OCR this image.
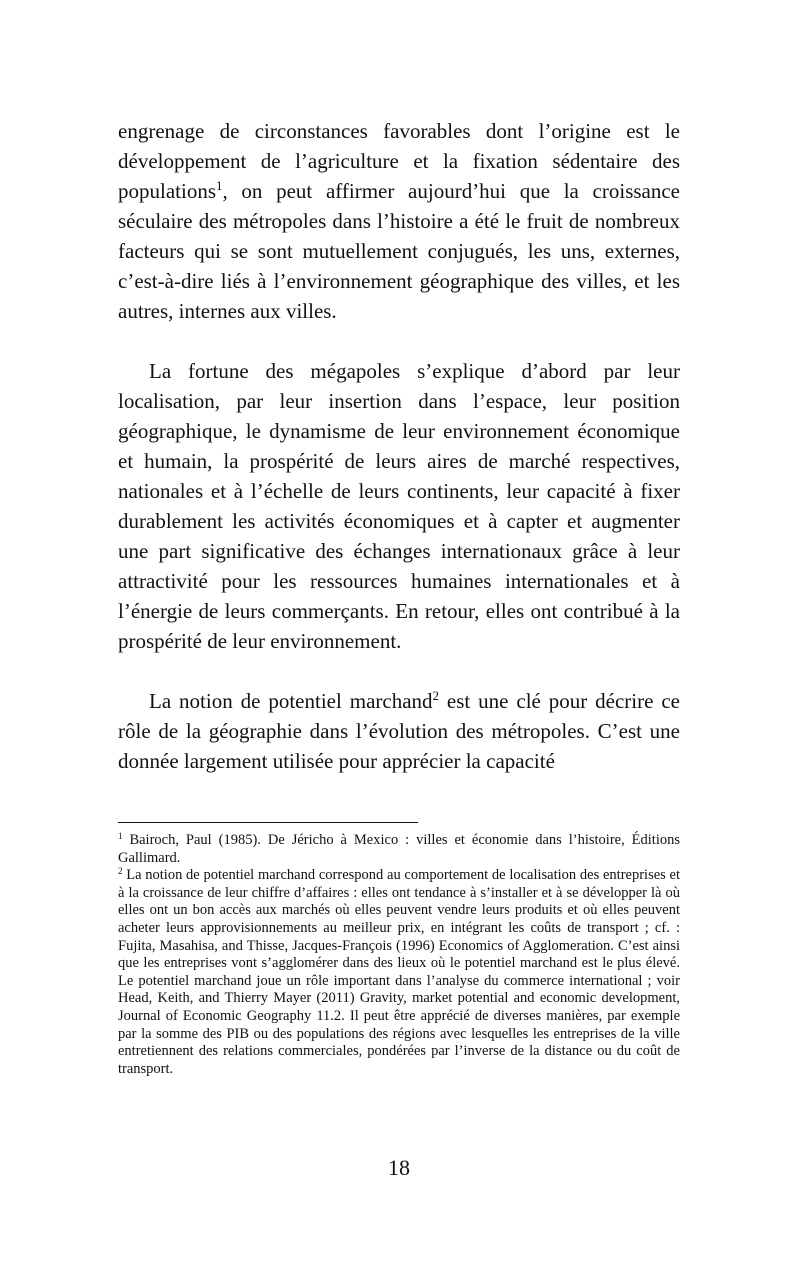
engrenage de circonstances favorables dont l’origine est le développement de l’agriculture et la fixation sédentaire des populations$^1$, on peut affirmer aujourd’hui que la croissance séculaire des métropoles dans l’histoire a été le fruit de nombreux facteurs qui se sont mutuellement conjugués, les uns, externes, c’est-à-dire liés à l’environnement géographique des villes, et les autres, internes aux villes.

La fortune des mégapoles s’explique d’abord par leur localisation, par leur insertion dans l’espace, leur position géographique, le dynamisme de leur environnement économique et humain, la prospérité de leurs aires de marché respectives, nationales et à l’échelle de leurs continents, leur capacité à fixer durablement les activités économiques et à capter et augmenter une part significative des échanges internationaux grâce à leur attractivité pour les ressources humaines internationales et à l’énergie de leurs commerçants. En retour, elles ont contribué à la prospérité de leur environnement.

La notion de potentiel marchand$^2$ est une clé pour décrire ce rôle de la géographie dans l’évolution des métropoles. C’est une donnée largement utilisée pour apprécier la capacité

$^1$ Bairoch, Paul (1985). De Jéricho à Mexico : villes et économie dans l’histoire, Éditions Gallimard.

$^2$ La notion de potentiel marchand correspond au comportement de localisation des entreprises et à la croissance de leur chiffre d’affaires : elles ont tendance à s’installer et à se développer là où elles ont un bon accès aux marchés où elles peuvent vendre leurs produits et où elles peuvent acheter leurs approvisionnements au meilleur prix, en intégrant les coûts de transport ; cf. : Fujita, Masahisa, and Thisse, Jacques-François (1996) Economics of Agglomeration. C’est ainsi que les entreprises vont s’agglomérer dans des lieux où le potentiel marchand est le plus élevé. Le potentiel marchand joue un rôle important dans l’analyse du commerce international ; voir Head, Keith, and Thierry Mayer (2011) Gravity, market potential and economic development, Journal of Economic Geography 11.2. Il peut être apprécié de diverses manières, par exemple par la somme des PIB ou des populations des régions avec lesquelles les entreprises de la ville entretiennent des relations commerciales, pondérées par l’inverse de la distance ou du coût de transport.

18
